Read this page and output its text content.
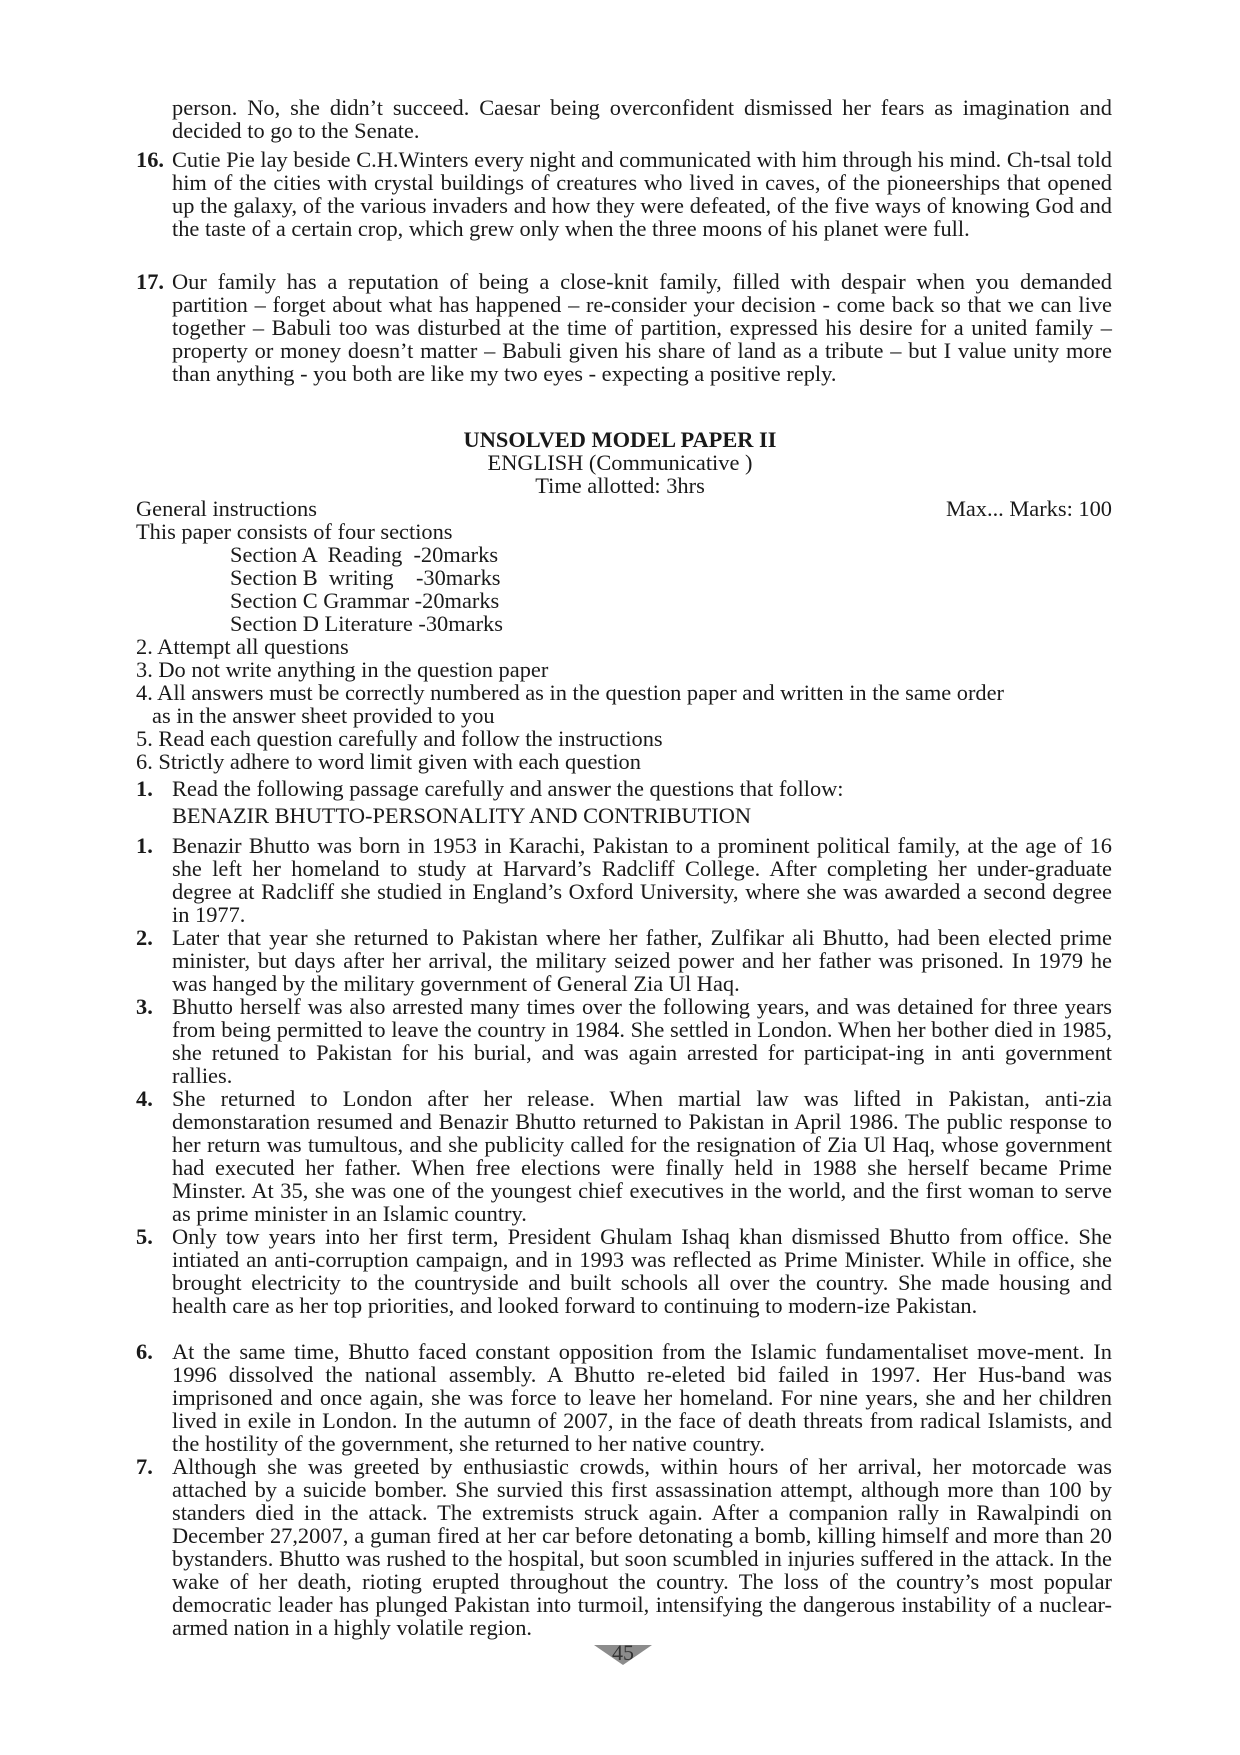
person. No, she didn’t succeed. Caesar being overconfident dismissed her fears as imagination and decided to go to the Senate.
16. Cutie Pie lay beside C.H.Winters every night and communicated with him through his mind. Ch-tsal told him of the cities with crystal buildings of creatures who lived in caves, of the pioneerships that opened up the galaxy, of the various invaders and how they were defeated, of the five ways of knowing God and the taste of a certain crop, which grew only when the three moons of his planet were full.
17. Our family has a reputation of being a close-knit family, filled with despair when you demanded partition – forget about what has happened – re-consider your decision - come back so that we can live together – Babuli too was disturbed at the time of partition, expressed his desire for a united family – property or money doesn’t matter – Babuli given his share of land as a tribute – but I value unity more than anything - you both are like my two eyes - expecting a positive reply.
UNSOLVED MODEL PAPER II
ENGLISH (Communicative )
Time allotted: 3hrs
General instructions	Max... Marks: 100
This paper consists of four sections
Section A  Reading  -20marks
Section B  writing    -30marks
Section C Grammar -20marks
Section D Literature -30marks
2. Attempt all questions
3. Do not write anything in the question paper
4. All answers must be correctly numbered as in the question paper and written in the same order
as in the answer sheet provided to you
5. Read each question carefully and follow the instructions
6. Strictly adhere to word limit given with each question
1. Read the following passage carefully and answer the questions that follow:
BENAZIR BHUTTO-PERSONALITY AND CONTRIBUTION
1. Benazir Bhutto was born in 1953 in Karachi, Pakistan to a prominent political family, at the age of 16 she left her homeland to study at Harvard’s Radcliff College. After completing her under-graduate degree at Radcliff she studied in England’s Oxford University, where she was awarded a second degree in 1977.
2. Later that year she returned to Pakistan where her father, Zulfikar ali Bhutto, had been elected prime minister, but days after her arrival, the military seized power and her father was prisoned. In 1979 he was hanged by the military government of General Zia Ul Haq.
3. Bhutto herself was also arrested many times over the following years, and was detained for three years from being permitted to leave the country in 1984. She settled in London. When her bother died in 1985, she retuned to Pakistan for his burial, and was again arrested for participat-ing in anti government rallies.
4. She returned to London after her release. When martial law was lifted in Pakistan, anti-zia demonstaration resumed and Benazir Bhutto returned to Pakistan in April 1986. The public response to her return was tumultous, and she publicity called for the resignation of Zia Ul Haq, whose government had executed her father. When free elections were finally held in 1988 she herself became Prime Minster. At 35, she was one of the youngest chief executives in the world, and the first woman to serve as prime minister in an Islamic country.
5. Only tow years into her first term, President Ghulam Ishaq khan dismissed Bhutto from office. She intiated an anti-corruption campaign, and in 1993 was reflected as Prime Minister. While in office, she brought electricity to the countryside and built schools all over the country. She made housing and health care as her top priorities, and looked forward to continuing to modern-ize Pakistan.
6. At the same time, Bhutto faced constant opposition from the Islamic fundamentaliset move-ment. In 1996 dissolved the national assembly. A Bhutto re-eleted bid failed in 1997. Her Hus-band was imprisoned and once again, she was force to leave her homeland. For nine years, she and her children lived in exile in London. In the autumn of 2007, in the face of death threats from radical Islamists, and the hostility of the government, she returned to her native country.
7. Although she was greeted by enthusiastic crowds, within hours of her arrival, her motorcade was attached by a suicide bomber. She survied this first assassination attempt, although more than 100 by standers died in the attack. The extremists struck again. After a companion rally in Rawalpindi on December 27,2007, a guman fired at her car before detonating a bomb, killing himself and more than 20 bystanders. Bhutto was rushed to the hospital, but soon scumbled in injuries suffered in the attack. In the wake of her death, rioting erupted throughout the country. The loss of the country’s most popular democratic leader has plunged Pakistan into turmoil, intensifying the dangerous instability of a nuclear-armed nation in a highly volatile region.
45
